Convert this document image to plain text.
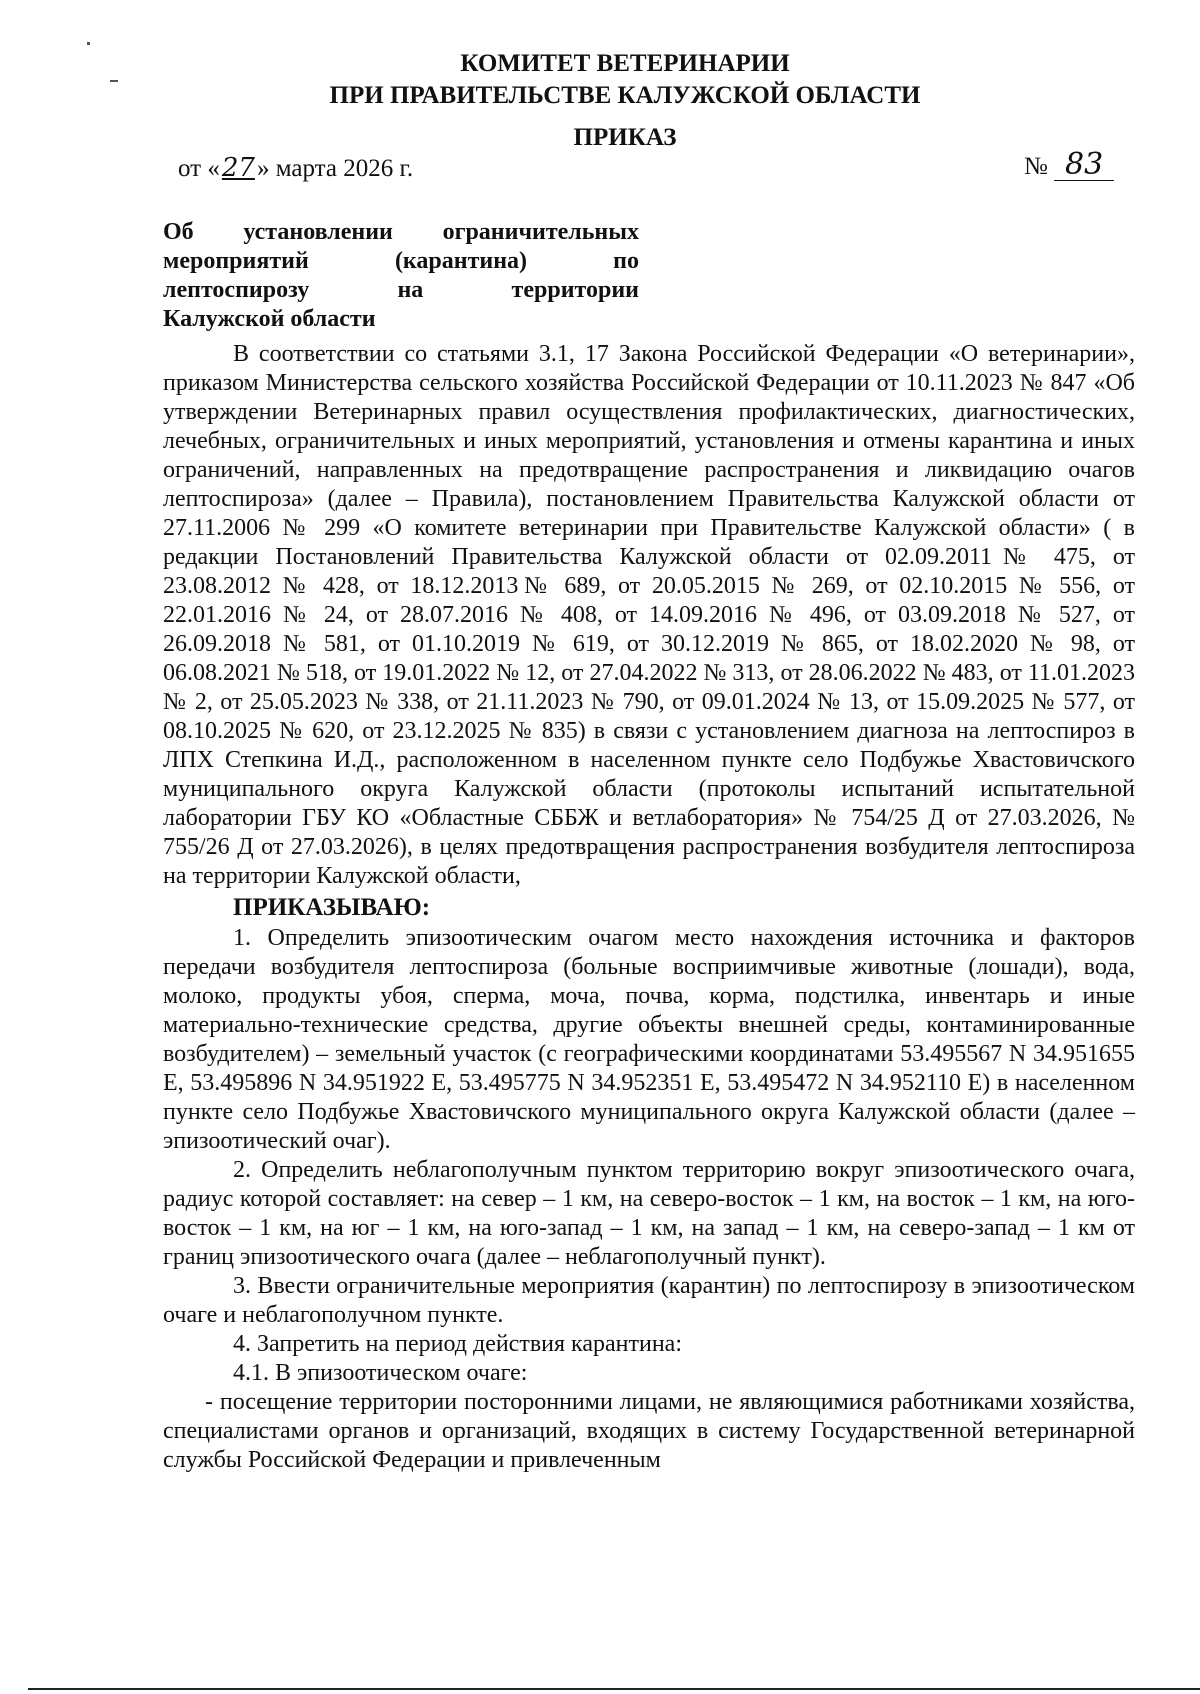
КОМИТЕТ ВЕТЕРИНАРИИ
ПРИ ПРАВИТЕЛЬСТВЕ КАЛУЖСКОЙ ОБЛАСТИ
ПРИКАЗ
от «27» марта 2026 г.	№ 83
Об установлении ограничительных
мероприятий (карантина) по
лептоспирозу на территории
Калужской области

В соответствии со статьями 3.1, 17 Закона Российской Федерации «О ветеринарии», приказом Министерства сельского хозяйства Российской Федерации от 10.11.2023 № 847 «Об утверждении Ветеринарных правил осуществления профилактических, диагностических, лечебных, ограничительных и иных мероприятий, установления и отмены карантина и иных ограничений, направленных на предотвращение распространения и ликвидацию очагов лептоспироза» (далее – Правила), постановлением Правительства Калужской области от 27.11.2006 № 299 «О комитете ветеринарии при Правительстве Калужской области» ( в редакции Постановлений Правительства Калужской области от 02.09.2011№ 475, от 23.08.2012 № 428, от 18.12.2013№ 689, от 20.05.2015 № 269, от 02.10.2015 № 556, от 22.01.2016 № 24, от 28.07.2016 № 408, от 14.09.2016 № 496, от 03.09.2018 № 527, от 26.09.2018 № 581, от 01.10.2019 № 619, от 30.12.2019 № 865, от 18.02.2020 № 98, от 06.08.2021 № 518, от 19.01.2022 № 12, от 27.04.2022 № 313, от 28.06.2022 № 483, от 11.01.2023 № 2, от 25.05.2023 № 338, от 21.11.2023 № 790, от 09.01.2024 № 13, от 15.09.2025 № 577, от 08.10.2025 № 620, от 23.12.2025 № 835) в связи с установлением диагноза на лептоспироз в ЛПХ Степкина И.Д., расположенном в населенном пункте село Подбужье Хвастовичского муниципального округа Калужской области (протоколы испытаний испытательной лаборатории ГБУ КО «Областные СББЖ и ветлаборатория» № 754/25 Д от 27.03.2026, № 755/26 Д от 27.03.2026), в целях предотвращения распространения возбудителя лептоспироза на территории Калужской области,

ПРИКАЗЫВАЮ:

1. Определить эпизоотическим очагом место нахождения источника и факторов передачи возбудителя лептоспироза (больные восприимчивые животные (лошади), вода, молоко, продукты убоя, сперма, моча, почва, корма, подстилка, инвентарь и иные материально-технические средства, другие объекты внешней среды, контаминированные возбудителем) – земельный участок (с географическими координатами 53.495567 N 34.951655 E, 53.495896 N 34.951922 E, 53.495775 N 34.952351 E, 53.495472 N 34.952110 E) в населенном пункте село Подбужье Хвастовичского муниципального округа Калужской области (далее – эпизоотический очаг).

2. Определить неблагополучным пунктом территорию вокруг эпизоотического очага, радиус которой составляет: на север – 1 км, на северо-восток – 1 км, на восток – 1 км, на юго-восток – 1 км, на юг – 1 км, на юго-запад – 1 км, на запад – 1 км, на северо-запад – 1 км от границ эпизоотического очага (далее – неблагополучный пункт).

3. Ввести ограничительные мероприятия (карантин) по лептоспирозу в эпизоотическом очаге и неблагополучном пункте.

4. Запретить на период действия карантина:

4.1. В эпизоотическом очаге:

- посещение территории посторонними лицами, не являющимися работниками хозяйства, специалистами органов и организаций, входящих в систему Государственной ветеринарной службы Российской Федерации и привлеченным
